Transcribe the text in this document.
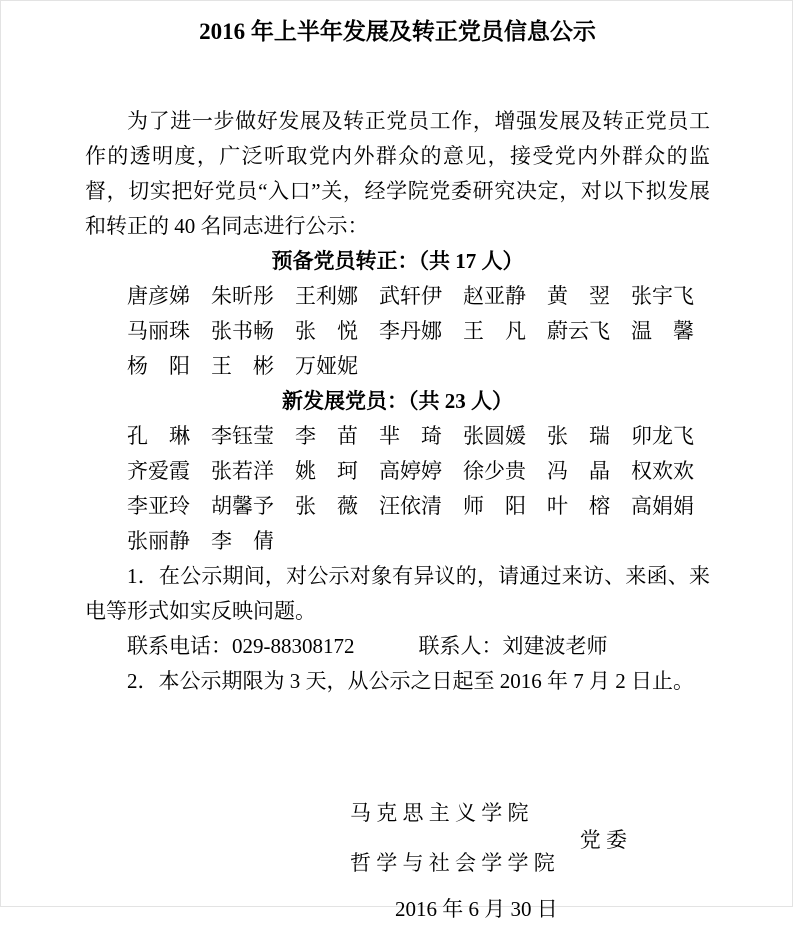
2016 年上半年发展及转正党员信息公示

为了进一步做好发展及转正党员工作，增强发展及转正党员工作的透明度，广泛听取党内外群众的意见，接受党内外群众的监督，切实把好党员“入口”关，经学院党委研究决定，对以下拟发展和转正的 40 名同志进行公示：

预备党员转正：（共 17 人）
唐彦娣　朱昕彤　王利娜　武轩伊　赵亚静　黄　翌　张宇飞
马丽珠　张书畅　张　悦　李丹娜　王　凡　蔚云飞　温　馨
杨　阳　王　彬　万娅妮
新发展党员：（共 23 人）
孔　琳　李钰莹　李　苗　芈　琦　张圆媛　张　瑞　卯龙飞
齐爱霞　张若洋　姚　珂　高婷婷　徐少贵　冯　晶　权欢欢
李亚玲　胡馨予　张　薇　汪依清　师　阳　叶　榕　高娟娟
张丽静　李　倩

1．在公示期间，对公示对象有异议的，请通过来访、来函、来电等形式如实反映问题。

联系电话：029-88308172	联系人：刘建波老师

2．本公示期限为 3 天，从公示之日起至 2016 年 7 月 2 日止。

马 克 思 主 义 学 院
哲 学 与 社 会 学 学 院
党 委
2016 年 6 月 30 日
